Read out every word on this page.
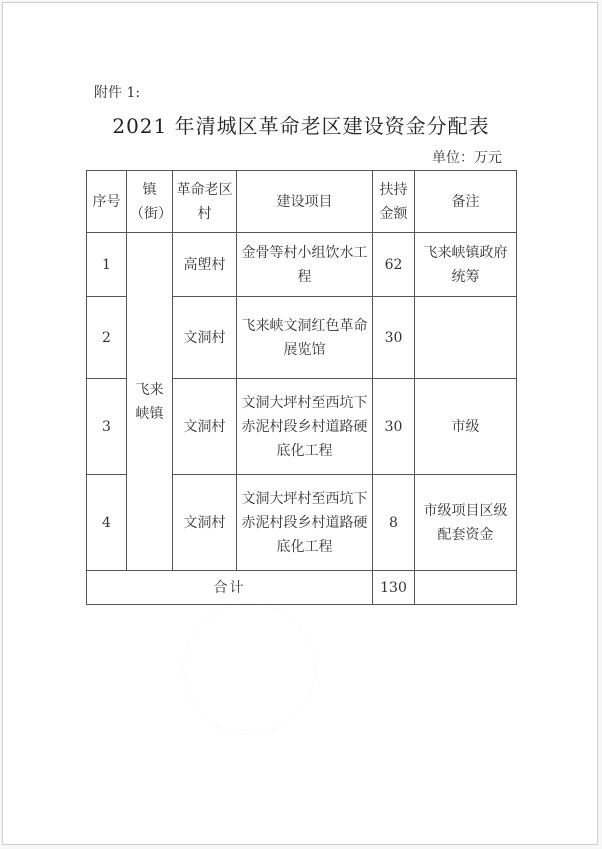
附件 1:
2021 年清城区革命老区建设资金分配表
单位：万元
序号	镇（街）	革命老区村	建设项目	扶持金额	备注
1	飞来峡镇	高塱村	金骨等村小组饮水工程	62	飞来峡镇政府统筹
2		文洞村	飞来峡文洞红色革命展览馆	30	
3		文洞村	文洞大坪村至西坑下赤泥村段乡村道路硬底化工程	30	市级
4		文洞村	文洞大坪村至西坑下赤泥村段乡村道路硬底化工程	8	市级项目区级配套资金
合计				130	
